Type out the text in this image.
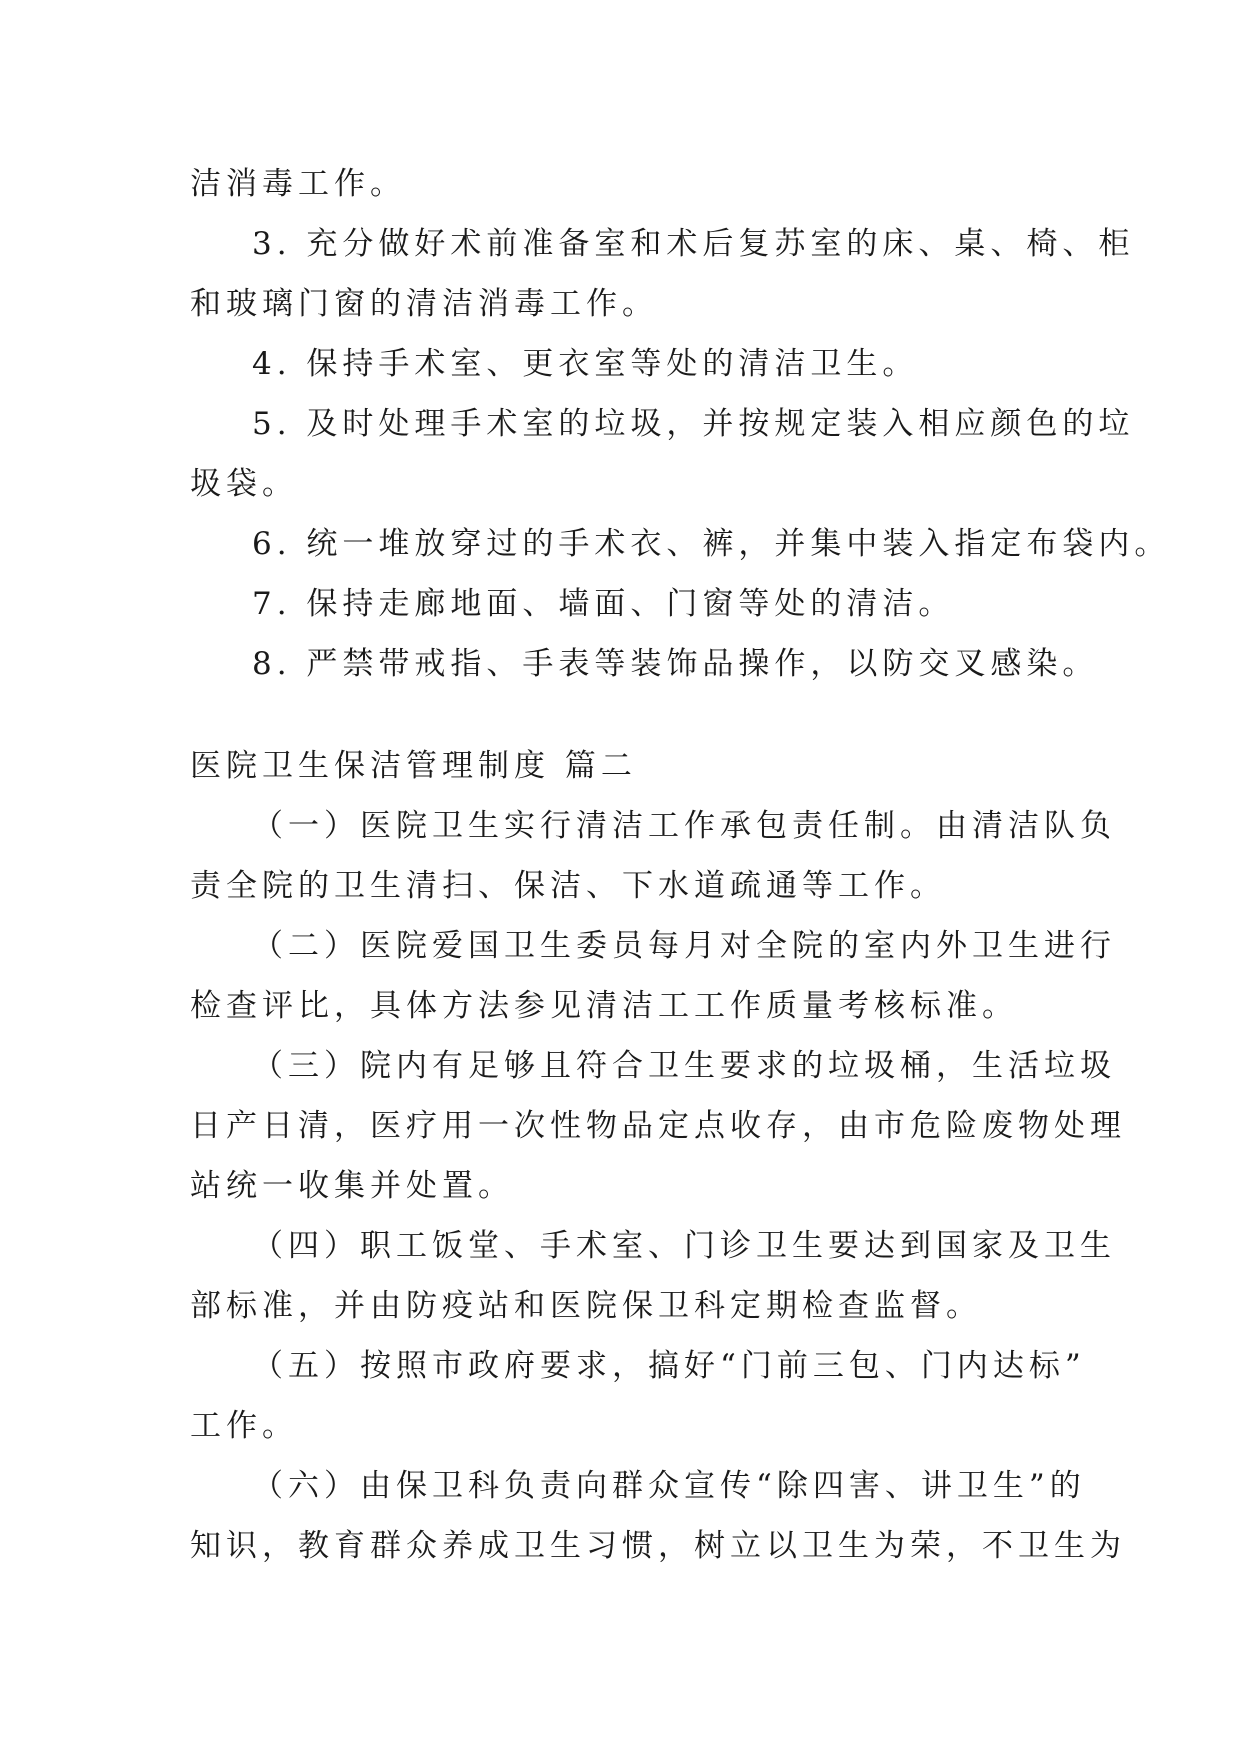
洁消毒工作。
3. 充分做好术前准备室和术后复苏室的床、桌、椅、柜
和玻璃门窗的清洁消毒工作。
4. 保持手术室、更衣室等处的清洁卫生。
5. 及时处理手术室的垃圾，并按规定装入相应颜色的垃
圾袋。
6. 统一堆放穿过的手术衣、裤，并集中装入指定布袋内。
7. 保持走廊地面、墙面、门窗等处的清洁。
8. 严禁带戒指、手表等装饰品操作，以防交叉感染。
医院卫生保洁管理制度 篇二
（一）医院卫生实行清洁工作承包责任制。由清洁队负
责全院的卫生清扫、保洁、下水道疏通等工作。
（二）医院爱国卫生委员每月对全院的室内外卫生进行
检查评比，具体方法参见清洁工工作质量考核标准。
（三）院内有足够且符合卫生要求的垃圾桶，生活垃圾
日产日清，医疗用一次性物品定点收存，由市危险废物处理
站统一收集并处置。
（四）职工饭堂、手术室、门诊卫生要达到国家及卫生
部标准，并由防疫站和医院保卫科定期检查监督。
（五）按照市政府要求，搞好“门前三包、门内达标”
工作。
（六）由保卫科负责向群众宣传“除四害、讲卫生”的
知识，教育群众养成卫生习惯，树立以卫生为荣，不卫生为
